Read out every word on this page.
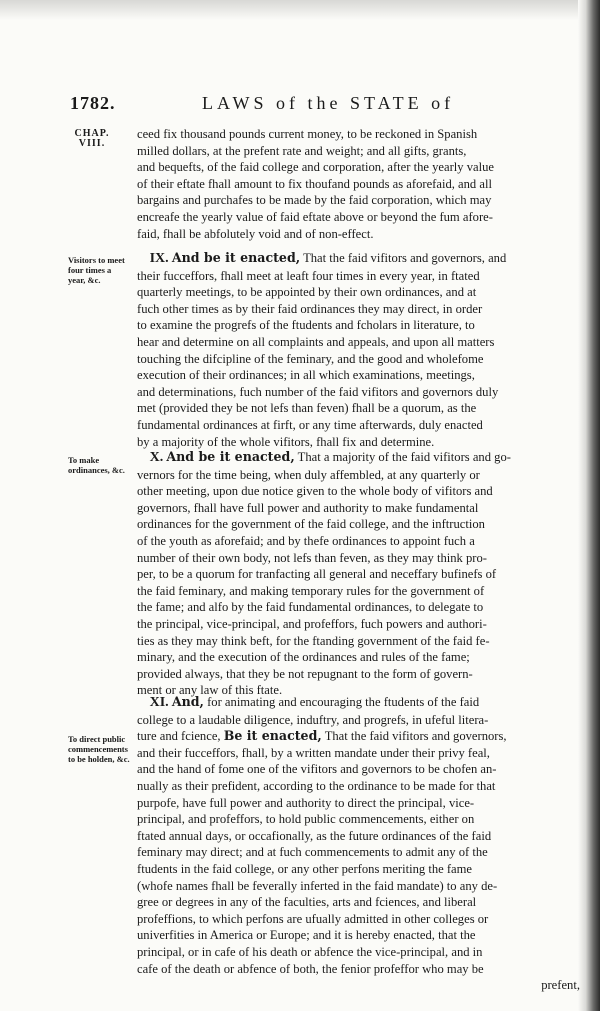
1782.	LAWS of the STATE of
CHAP. VIII.
Visitors to meet four times a year, &c.
To make ordinances, &c.
To direct public commencements to be holden, &c.
ceed fix thousand pounds current money, to be reckoned in Spanish
milled dollars, at the prefent rate and weight; and all gifts, grants,
and bequefts, of the faid college and corporation, after the yearly value
of their eftate fhall amount to fix thoufand pounds as aforefaid, and all
bargains and purchafes to be made by the faid corporation, which may
encreafe the yearly value of faid eftate above or beyond the fum afore-
faid, fhall be abfolutely void and of non-effect.
 IX. And be it enacted, That the faid vifitors and governors, and
their fucceffors, fhall meet at leaft four times in every year, in ftated
quarterly meetings, to be appointed by their own ordinances, and at
fuch other times as by their faid ordinances they may direct, in order
to examine the progrefs of the ftudents and fcholars in literature, to
hear and determine on all complaints and appeals, and upon all matters
touching the difcipline of the feminary, and the good and wholefome
execution of their ordinances; in all which examinations, meetings,
and determinations, fuch number of the faid vifitors and governors duly
met (provided they be not lefs than feven) fhall be a quorum, as the
fundamental ordinances at firft, or any time afterwards, duly enacted
by a majority of the whole vifitors, fhall fix and determine.
 X. And be it enacted, That a majority of the faid vifitors and go-
vernors for the time being, when duly affembled, at any quarterly or
other meeting, upon due notice given to the whole body of vifitors and
governors, fhall have full power and authority to make fundamental
ordinances for the government of the faid college, and the inftruction
of the youth as aforefaid; and by thefe ordinances to appoint fuch a
number of their own body, not lefs than feven, as they may think pro-
per, to be a quorum for tranfacting all general and neceffary bufinefs of
the faid feminary, and making temporary rules for the government of
the fame; and alfo by the faid fundamental ordinances, to delegate to
the principal, vice-principal, and profeffors, fuch powers and authori-
ties as they may think beft, for the ftanding government of the faid fe-
minary, and the execution of the ordinances and rules of the fame;
provided always, that they be not repugnant to the form of govern-
ment or any law of this ftate.
 XI. And, for animating and encouraging the ftudents of the faid
college to a laudable diligence, induftry, and progrefs, in ufeful litera-
ture and fcience, Be it enacted, That the faid vifitors and governors,
and their fucceffors, fhall, by a written mandate under their privy feal,
and the hand of fome one of the vifitors and governors to be chofen an-
nually as their prefident, according to the ordinance to be made for that
purpofe, have full power and authority to direct the principal, vice-
principal, and profeffors, to hold public commencements, either on
ftated annual days, or occafionally, as the future ordinances of the faid
feminary may direct; and at fuch commencements to admit any of the
ftudents in the faid college, or any other perfons meriting the fame
(whofe names fhall be feverally inferted in the faid mandate) to any de-
gree or degrees in any of the faculties, arts and fciences, and liberal
profeffions, to which perfons are ufually admitted in other colleges or
univerfities in America or Europe; and it is hereby enacted, that the
principal, or in cafe of his death or abfence the vice-principal, and in
cafe of the death or abfence of both, the fenior profeffor who may be
prefent,
